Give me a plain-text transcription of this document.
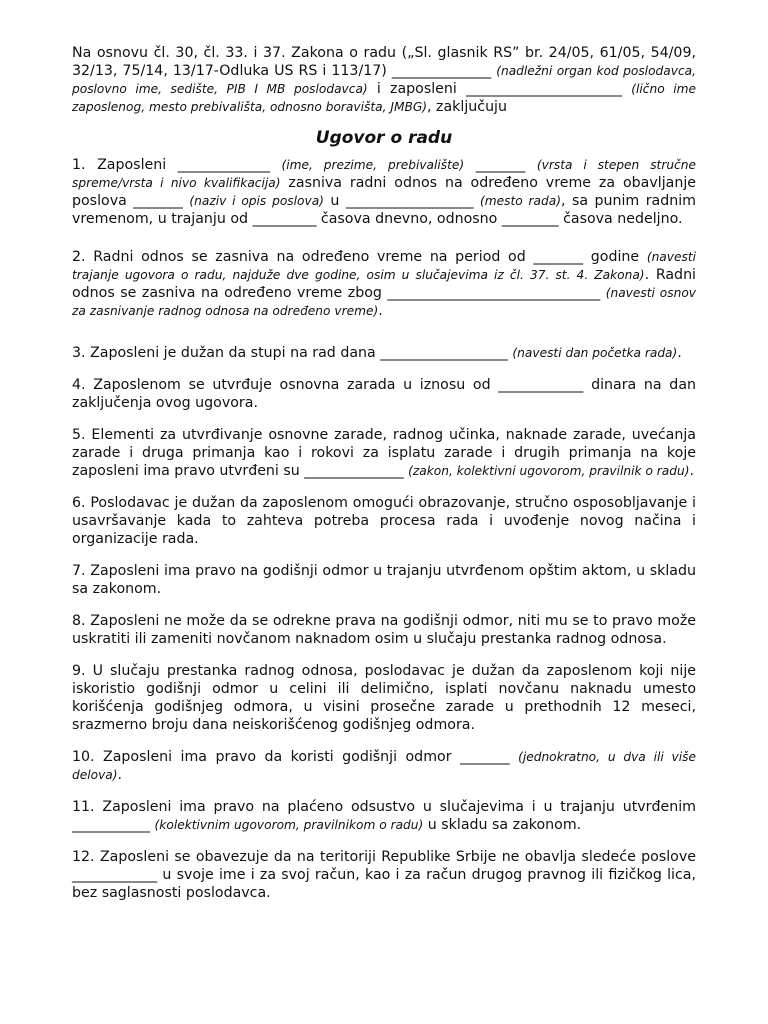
Na osnovu čl. 30, čl. 33. i 37. Zakona o radu („Sl. glasnik RS” br. 24/05, 61/05, 54/09, 32/13, 75/14, 13/17-Odluka US RS i 113/17) ______________ (nadležni organ kod poslodavca, poslovno ime, sedište, PIB I MB poslodavca) i zaposleni ______________________ (lično ime zaposlenog, mesto prebivališta, odnosno boravišta, JMBG), zaključuju

Ugovor o radu

1. Zaposleni _____________ (ime, prezime, prebivalište) _______ (vrsta i stepen stručne spreme/vrsta i nivo kvalifikacija) zasniva radni odnos na određeno vreme za obavljanje poslova _______ (naziv i opis poslova) u __________________ (mesto rada), sa punim radnim vremenom, u trajanju od _________ časova dnevno, odnosno ________ časova nedeljno.

2. Radni odnos se zasniva na određeno vreme na period od _______ godine (navesti trajanje ugovora o radu, najduže dve godine, osim u slučajevima iz čl. 37. st. 4. Zakona). Radni odnos se zasniva na određeno vreme zbog ______________________________ (navesti osnov za zasnivanje radnog odnosa na određeno vreme).

3. Zaposleni je dužan da stupi na rad dana __________________ (navesti dan početka rada).

4. Zaposlenom se utvrđuje osnovna zarada u iznosu od ____________ dinara na dan zaključenja ovog ugovora.

5. Elementi za utvrđivanje osnovne zarade, radnog učinka, naknade zarade, uvećanja zarade i druga primanja kao i rokovi za isplatu zarade i drugih primanja na koje zaposleni ima pravo utvrđeni su ______________ (zakon, kolektivni ugovorom, pravilnik o radu).

6. Poslodavac je dužan da zaposlenom omogući obrazovanje, stručno osposobljavanje i usavršavanje kada to zahteva potreba procesa rada i uvođenje novog načina i organizacije rada.

7. Zaposleni ima pravo na godišnji odmor u trajanju utvrđenom opštim aktom, u skladu sa zakonom.

8. Zaposleni ne može da se odrekne prava na godišnji odmor, niti mu se to pravo može uskratiti ili zameniti novčanom naknadom osim u slučaju prestanka radnog odnosa.

9. U slučaju prestanka radnog odnosa, poslodavac je dužan da zaposlenom koji nije iskoristio godišnji odmor u celini ili delimično, isplati novčanu naknadu umesto korišćenja godišnjeg odmora, u visini prosečne zarade u prethodnih 12 meseci, srazmerno broju dana neiskorišćenog godišnjeg odmora.

10. Zaposleni ima pravo da koristi godišnji odmor _______ (jednokratno, u dva ili više delova).

11. Zaposleni ima pravo na plaćeno odsustvo u slučajevima i u trajanju utvrđenim ___________ (kolektivnim ugovorom, pravilnikom o radu) u skladu sa zakonom.

12. Zaposleni se obavezuje da na teritoriji Republike Srbije ne obavlja sledeće poslove ____________ u svoje ime i za svoj račun, kao i za račun drugog pravnog ili fizičkog lica, bez saglasnosti poslodavca.
